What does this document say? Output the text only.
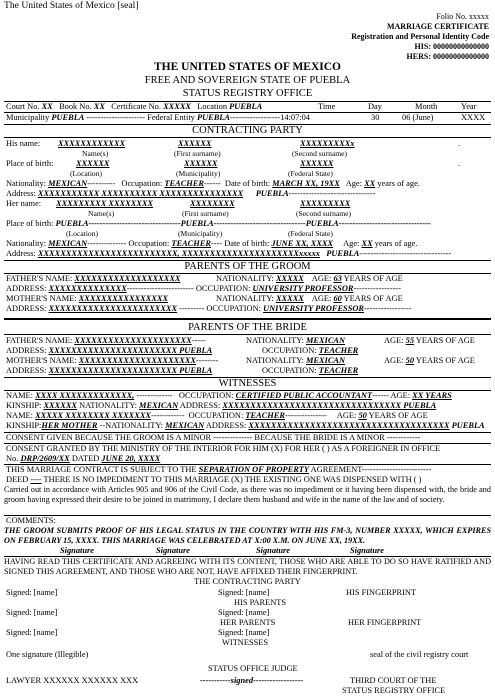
The United States of Mexico [seal]
Folio No. xxxxx
MARRIAGE CERTIFICATE
Registration and Personal Identity Code
HIS: 00000000000000
HERS: 00000000000000
THE UNITED STATES OF MEXICO
FREE AND SOVEREIGN STATE OF PUEBLA
STATUS REGISTRY OFFICE
Court No. XX Book No. XX Certificate No. XXXXX Location PUEBLA	Time	Day	Month	Year
Municipality PUEBLA --------------------- Federal Entity PUEBLA------------------14:07:04	30	06 (June)	XXXX
CONTRACTING PARTY
His name: XXXXXXXXXXXX	XXXXXX	XXXXXXXXXx	.
Name(s)	(First surname)	(Second surname)
Place of birth:	XXXXXX	XXXXXX	XXXXXX	.
(Location)	(Municipality)	(Federal State)
Nationality: MEXICAN---------- Occupation: TEACHER------ Date of birth: MARCH XX, 19XX Age: XX years of age.
Address: XXXXXXXXXXX XXXXXXXXXX XXXXXXXXXXXXXXX PUEBLA-------------------------------
Her name: XXXXXXXXX XXXXXXXX	XXXXXXXX	XXXXXXXXX
Name(s)	(First surname)	(Second surname)
Place of birth: PUEBLA---------------------------------PUEBLA---------------------------------PUEBLA---------------------------------
(Location)	(Municipality)	(Federal State)
Nationality: MEXICAN-------------- Occupation: TEACHER---- Date of birth: JUNE XX, XXXX Age: XX years of age.
Address: XXXXXXXXXXXXXXXXXXXXXXXXX, XXXXXXXXXXXXXXXXXXXXXxxxxx PUEBLA---------------------------------
PARENTS OF THE GROOM
FATHER'S NAME: XXXXXXXXXXXXXXXXXXX	NATIONALITY: XXXXX AGE: 63 YEARS OF AGE
ADDRESS: XXXXXXXXXXXXXX------------------------ OCCUPATION: UNIVERSITY PROFESSOR-----------------
MOTHER'S NAME: XXXXXXXXXXXXXXXX	NATIONALITY: XXXXX AGE: 60 YEARS OF AGE
ADDRESS: XXXXXXXXXXXXXXXXXXXXXXX --------- OCCUPATION: UNIVERSITY PROFESSOR-----------------
PARENTS OF THE BRIDE
FATHER'S NAME: XXXXXXXXXXXXXXXXXXXXX-----	NATIONALITY: MEXICAN	AGE: 55 YEARS OF AGE
ADDRESS: XXXXXXXXXXXXXXXXXXXXXXX PUEBLA	OCCUPATION: TEACHER
MOTHER'S NAME: XXXXXXXXXXXXXXXXXXXXX--------	NATIONALITY: MEXICAN	AGE: 50 YEARS OF AGE
ADDRESS: XXXXXXXXXXXXXXXXXXXXXXX PUEBLA	OCCUPATION: TEACHER
WITNESSES
NAME: XXXX XXXXXXXXXXXXX, ------------- OCCUPATION: CERTIFIED PUBLIC ACCOUNTANT------ AGE: XX YEARS
KINSHIP: XXXXXX NATIONALITY: MEXICAN ADDRESS: XXXXXXXXXXXXXXXXXXXXXXXXXXXXXXXX PUEBLA
NAME: XXXXX XXXXXXXX XXXXXXX------------ OCCUPATION: TEACHER--------------- AGE: 50 YEARS OF AGE
KINSHIP:HER MOTHER --NATIONALITY: MEXICAN ADDRESS: XXXXXXXXXXXXXXXXXXXXXXXXXXXXXXXXXXXX PUEBLA
CONSENT GIVEN BECAUSE THE GROOM IS A MINOR -------------- BECAUSE THE BRIDE IS A MINOR ------------
CONSENT GRANTED BY THE MINISTRY OF THE INTERIOR FOR HIM (X) FOR HER ( ) AS A FOREIGNER IN OFFICE
No. DRP/2609/XX DATED JUNE 20, XXXX
THIS MARRIAGE CONTRACT IS SUBJECT TO THE SEPARATION OF PROPERTY AGREEMENT-------------------------
DEED ---- THERE IS NO IMPEDIMENT TO THIS MARRIAGE (X) THE EXISTING ONE WAS DISPENSED WITH ( )
Carried out in accordance with Articles 905 and 906 of the Civil Code, as there was no impediment or it having been dispensed with, the bride and groom having expressed their desire to be joined in matrimony, I declare them husband and wife in the name of the law and of society.
COMMENTS:
THE GROOM SUBMITS PROOF OF HIS LEGAL STATUS IN THE COUNTRY WITH HIS FM-3, NUMBER XXXXX, WHICH EXPIRES ON FEBRUARY 15, XXXX. THIS MARRIAGE WAS CELEBRATED AT X:00 X.M. ON JUNE XX, 19XX.
Signature	Signature	Signature	Signature
HAVING READ THIS CERTIFICATE AND AGREEING WITH ITS CONTENT, THOSE WHO ARE ABLE TO DO SO HAVE RATIFIED AND SIGNED THIS AGREEMENT, AND THOSE WHO ARE NOT, HAVE AFFIXED THEIR FINGERPRINT.
THE CONTRACTING PARTY
Signed: [name]	Signed: [name]	HIS FINGERPRINT
HIS PARENTS
Signed: [name]	Signed: [name]
HER PARENTS	HER FINGERPRINT
Signed: [name]	Signed: [name]
WITNESSES
One signature (Illegible)	seal of the civil registry court
STATUS OFFICE JUDGE
LAWYER XXXXXX XXXXXX XXX	-----------signed------------------	THIRD COURT OF THE
STATUS REGISTRY OFFICE
